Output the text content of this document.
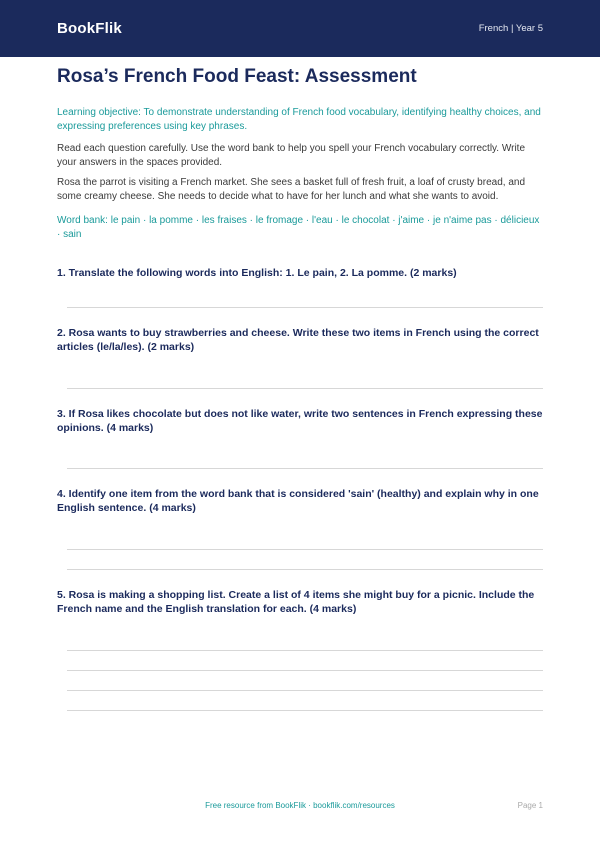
BookFlik	French | Year 5
Rosa’s French Food Feast: Assessment

Learning objective: To demonstrate understanding of French food vocabulary, identifying healthy choices, and expressing preferences using key phrases.

Read each question carefully. Use the word bank to help you spell your French vocabulary correctly. Write your answers in the spaces provided.

Rosa the parrot is visiting a French market. She sees a basket full of fresh fruit, a loaf of crusty bread, and some creamy cheese. She needs to decide what to have for her lunch and what she wants to avoid.

Word bank: le pain · la pomme · les fraises · le fromage · l'eau · le chocolat · j'aime · je n'aime pas · délicieux · sain

1. Translate the following words into English: 1. Le pain, 2. La pomme. (2 marks)

2. Rosa wants to buy strawberries and cheese. Write these two items in French using the correct articles (le/la/les). (2 marks)

3. If Rosa likes chocolate but does not like water, write two sentences in French expressing these opinions. (4 marks)

4. Identify one item from the word bank that is considered 'sain' (healthy) and explain why in one English sentence. (4 marks)

5. Rosa is making a shopping list. Create a list of 4 items she might buy for a picnic. Include the French name and the English translation for each. (4 marks)

Free resource from BookFlik · bookflik.com/resources	Page 1
